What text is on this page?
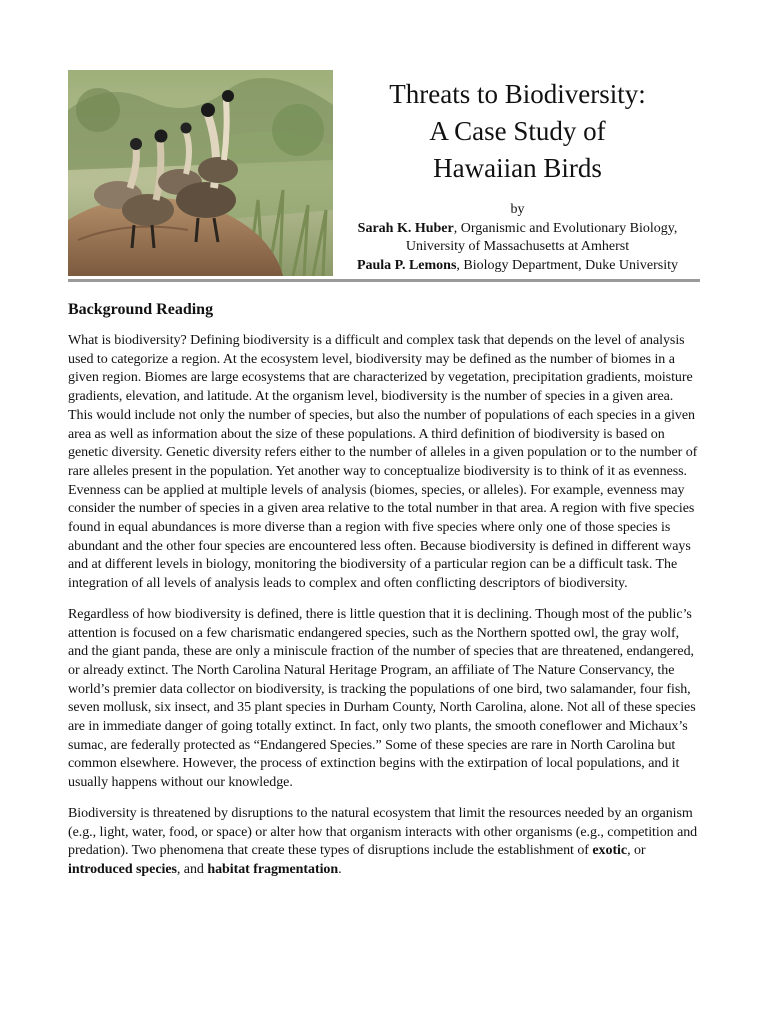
Threats to Biodiversity:
A Case Study of
Hawaiian Birds
by
Sarah K. Huber, Organismic and Evolutionary Biology,
University of Massachusetts at Amherst
Paula P. Lemons, Biology Department, Duke University
Background Reading

What is biodiversity? Defining biodiversity is a difficult and complex task that depends on the level of analysis used to categorize a region. At the ecosystem level, biodiversity may be defined as the number of biomes in a given region. Biomes are large ecosystems that are characterized by vegetation, precipitation gradients, moisture gradients, elevation, and latitude. At the organism level, biodiversity is the number of species in a given area. This would include not only the number of species, but also the number of populations of each species in a given area as well as information about the size of these populations. A third definition of biodiversity is based on genetic diversity. Genetic diversity refers either to the number of alleles in a given population or to the number of rare alleles present in the population. Yet another way to conceptualize biodiversity is to think of it as evenness. Evenness can be applied at multiple levels of analysis (biomes, species, or alleles). For example, evenness may consider the number of species in a given area relative to the total number in that area. A region with five species found in equal abundances is more diverse than a region with five species where only one of those species is abundant and the other four species are encountered less often. Because biodiversity is defined in different ways and at different levels in biology, monitoring the biodiversity of a particular region can be a difficult task. The integration of all levels of analysis leads to complex and often conflicting descriptors of biodiversity.

Regardless of how biodiversity is defined, there is little question that it is declining. Though most of the public’s attention is focused on a few charismatic endangered species, such as the Northern spotted owl, the gray wolf, and the giant panda, these are only a miniscule fraction of the number of species that are threatened, endangered, or already extinct. The North Carolina Natural Heritage Program, an affiliate of The Nature Conservancy, the world’s premier data collector on biodiversity, is tracking the populations of one bird, two salamander, four fish, seven mollusk, six insect, and 35 plant species in Durham County, North Carolina, alone. Not all of these species are in immediate danger of going totally extinct. In fact, only two plants, the smooth coneflower and Michaux’s sumac, are federally protected as “Endangered Species.” Some of these species are rare in North Carolina but common elsewhere. However, the process of extinction begins with the extirpation of local populations, and it usually happens without our knowledge.

Biodiversity is threatened by disruptions to the natural ecosystem that limit the resources needed by an organism (e.g., light, water, food, or space) or alter how that organism interacts with other organisms (e.g., competition and predation). Two phenomena that create these types of disruptions include the establishment of exotic, or introduced species, and habitat fragmentation.
